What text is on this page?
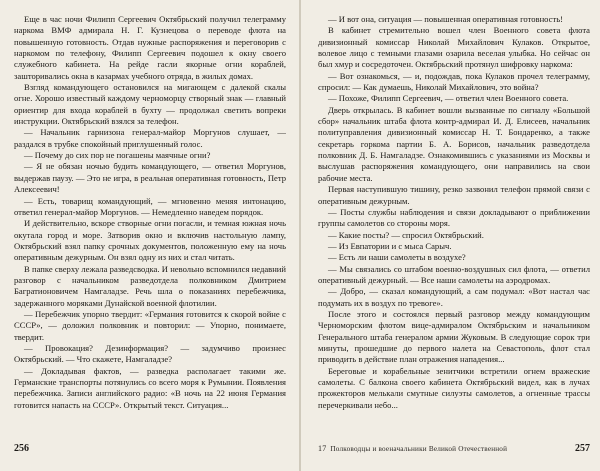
Еще в час ночи Филипп Сергеевич Октябрьский получил телеграмму наркома ВМФ адмирала Н. Г. Кузнецова о переводе флота на повышенную готовность. Отдав нужные распоряжения и переговорив с наркомом по телефону, Филипп Сергеевич подошел к окну своего служебного кабинета. На рейде гасли якорные огни кораблей, зашторивались окна в казармах учебного отряда, в жилых домах.

Взгляд командующего остановился на мигающем с далекой скалы огне. Хорошо известный каждому черноморцу створный знак — главный ориентир для входа кораблей в бухту — продолжал светить вопреки инструкции. Октябрьский взялся за телефон.

— Начальник гарнизона генерал-майор Моргунов слушает, — раздался в трубке спокойный приглушенный голос.

— Почему до сих пор не погашены маячные огни?

— Я не обязан ночью будить командующего, — ответил Моргунов, выдержав паузу. — Это не игра, в реальная оперативная готовность, Петр Алексеевич!

— Есть, товарищ командующий, — мгновенно меняя интонацию, ответил генерал-майор Моргунов. — Немедленно наведем порядок.

И действительно, вскоре створные огни погасли, и темная южная ночь окутала город и море. Затворив окно и включив настольную лампу, Октябрьский взял папку срочных документов, положенную ему на ночь оперативным дежурным. Он взял одну из них и стал читать.

В папке сверху лежала разведсводка. И невольно вспомнился недавний разговор с начальником разведотдела полковником Дмитрием Багратионовичем Намгаладзе. Речь шла о показаниях перебежчика, задержанного моряками Дунайской военной флотилии.

— Перебежчик упорно твердит: «Германия готовится к скорой войне с СССР», — доложил полковник и повторил: — Упорно, понимаете, твердит.

— Провокация? Дезинформация? — задумчиво произнес Октябрьский. — Что скажете, Намгаладзе?

— Докладывая фактов, — разведка располагает такими же. Германские транспорты потянулись со всего моря к Румынии. Появления перебежчика. Записи английского радио: «В ночь на 22 июня Германия готовится напасть на СССР». Открытый текст. Ситуация...

256

— И вот она, ситуация — повышенная оперативная готовность!

В кабинет стремительно вошел член Военного совета флота дивизионный комиссар Николай Михайлович Кулаков. Открытое, волевое лицо с темными глазами озарила веселая улыбка. Но сейчас он был хмур и сосредоточен. Октябрьский протянул шифровку наркома:

— Вот ознакомься, — и, подождав, пока Кулаков прочел телеграмму, спросил: — Как думаешь, Николай Михайлович, это война?

— Похоже, Филипп Сергеевич, — ответил член Военного совета.

Дверь открылась. В кабинет вошли вызванные по сигналу «Большой сбор» начальник штаба флота контр-адмирал И. Д. Елисеев, начальник политуправления дивизионный комиссар Н. Т. Бондаренко, а также секретарь горкома партии Б. А. Борисов, начальник разведотдела полковник Д. Б. Намгаладзе. Ознакомившись с указаниями из Москвы и выслушав распоряжения командующего, они направились на свои рабочие места.

Первая наступившую тишину, резко зазвонил телефон прямой связи с оперативным дежурным.

— Посты службы наблюдения и связи докладывают о приближении группы самолетов со стороны моря.

— Какие посты? — спросил Октябрьский.

— Из Евпатории и с мыса Сарыч.

— Есть ли наши самолеты в воздухе?

— Мы связались со штабом военно-воздушных сил флота, — ответил оперативный дежурный. — Все наши самолеты на аэродромах.

— Добро, — сказал командующий, а сам подумал: «Вот настал час подумать их в воздух по тревоге».

После этого и состоялся первый разговор между командующим Черноморским флотом вице-адмиралом Октябрьским и начальником Генерального штаба генералом армии Жуковым. В следующие сорок три минуты, прошедшие до первого налета на Севастополь, флот стал приводить в действие план отражения нападения...

Береговые и корабельные зенитчики встретили огнем вражеские самолеты. С балкона своего кабинета Октябрьский видел, как в лучах прожекторов мелькали смутные силуэты самолетов, а огненные трассы перечеркивали небо...

17 Полководцы и военачальники Великой Отечественной	257
